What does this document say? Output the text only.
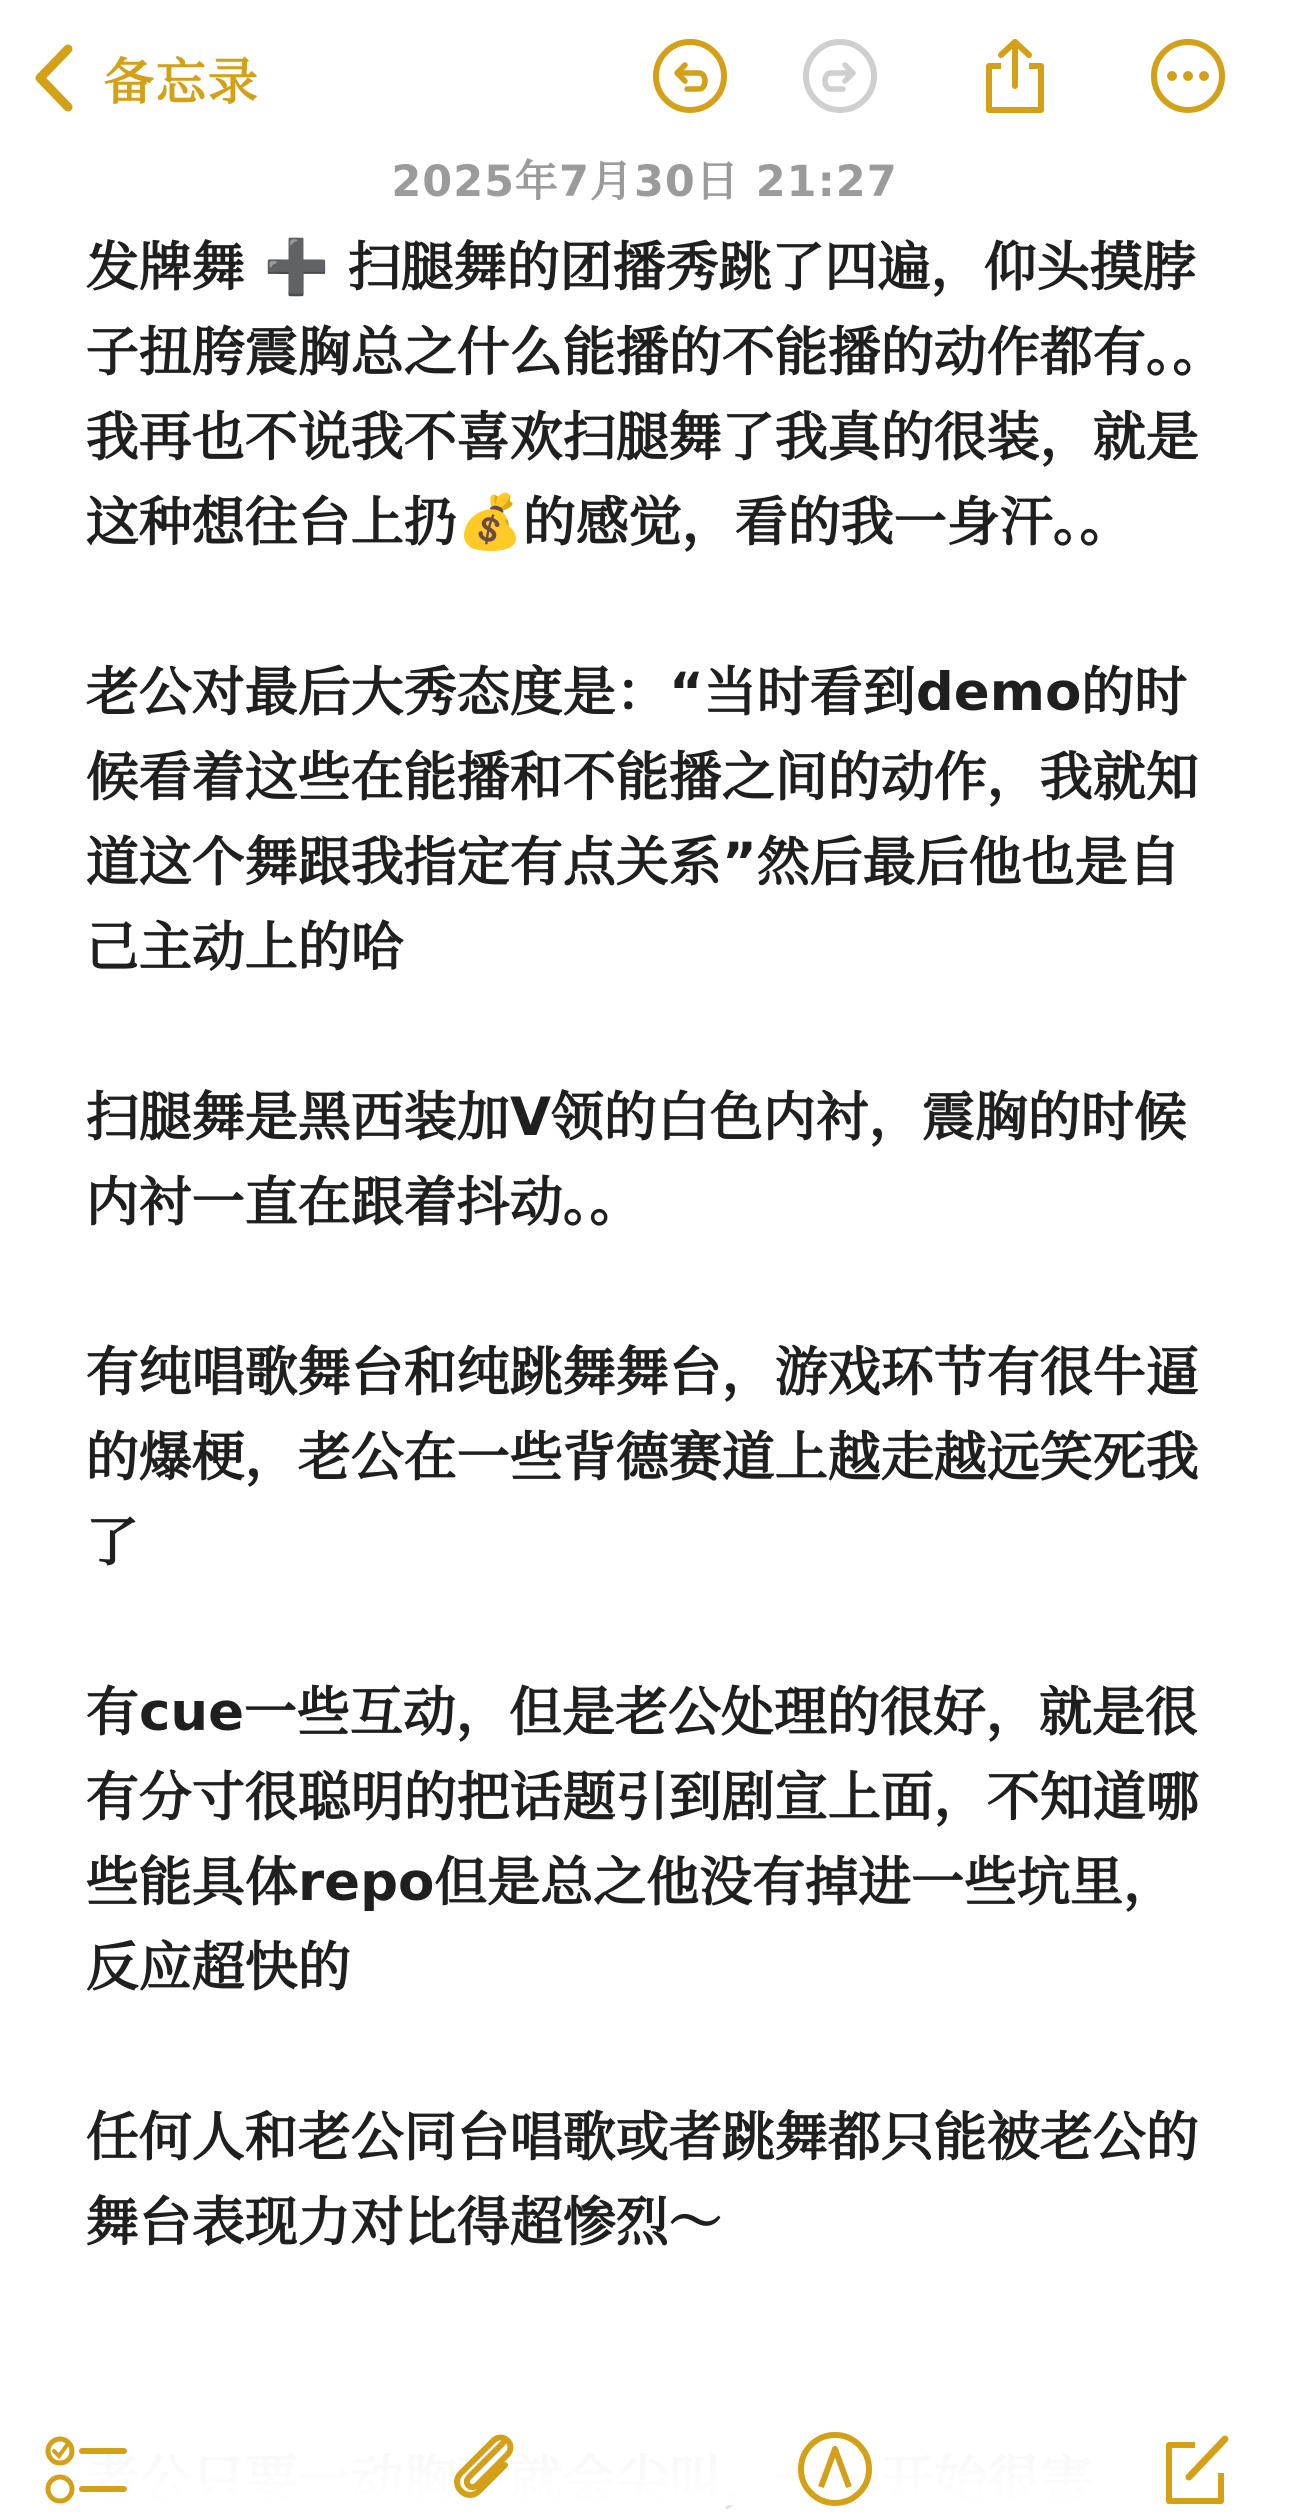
备忘录
2025年7月30日 21:27

发牌舞 ➕ 扫腿舞的团播秀跳了四遍，仰头摸脖子扭胯震胸总之什么能播的不能播的动作都有。。 我再也不说我不喜欢扫腿舞了我真的很装，就是这种想往台上扔💰的感觉，看的我一身汗。。

老公对最后大秀态度是：“当时看到demo的时候看着这些在能播和不能播之间的动作，我就知道这个舞跟我指定有点关系”然后最后他也是自己主动上的哈

扫腿舞是黑西装加V领的白色内衬，震胸的时候内衬一直在跟着抖动。。

有纯唱歌舞台和纯跳舞舞台，游戏环节有很牛逼的爆梗，老公在一些背德赛道上越走越远笑死我了

有cue一些互动，但是老公处理的很好，就是很有分寸很聪明的把话题引到剧宣上面，不知道哪些能具体repo但是总之他没有掉进一些坑里，反应超快的

任何人和老公同台唱歌或者跳舞都只能被老公的舞台表现力对比得超惨烈～
